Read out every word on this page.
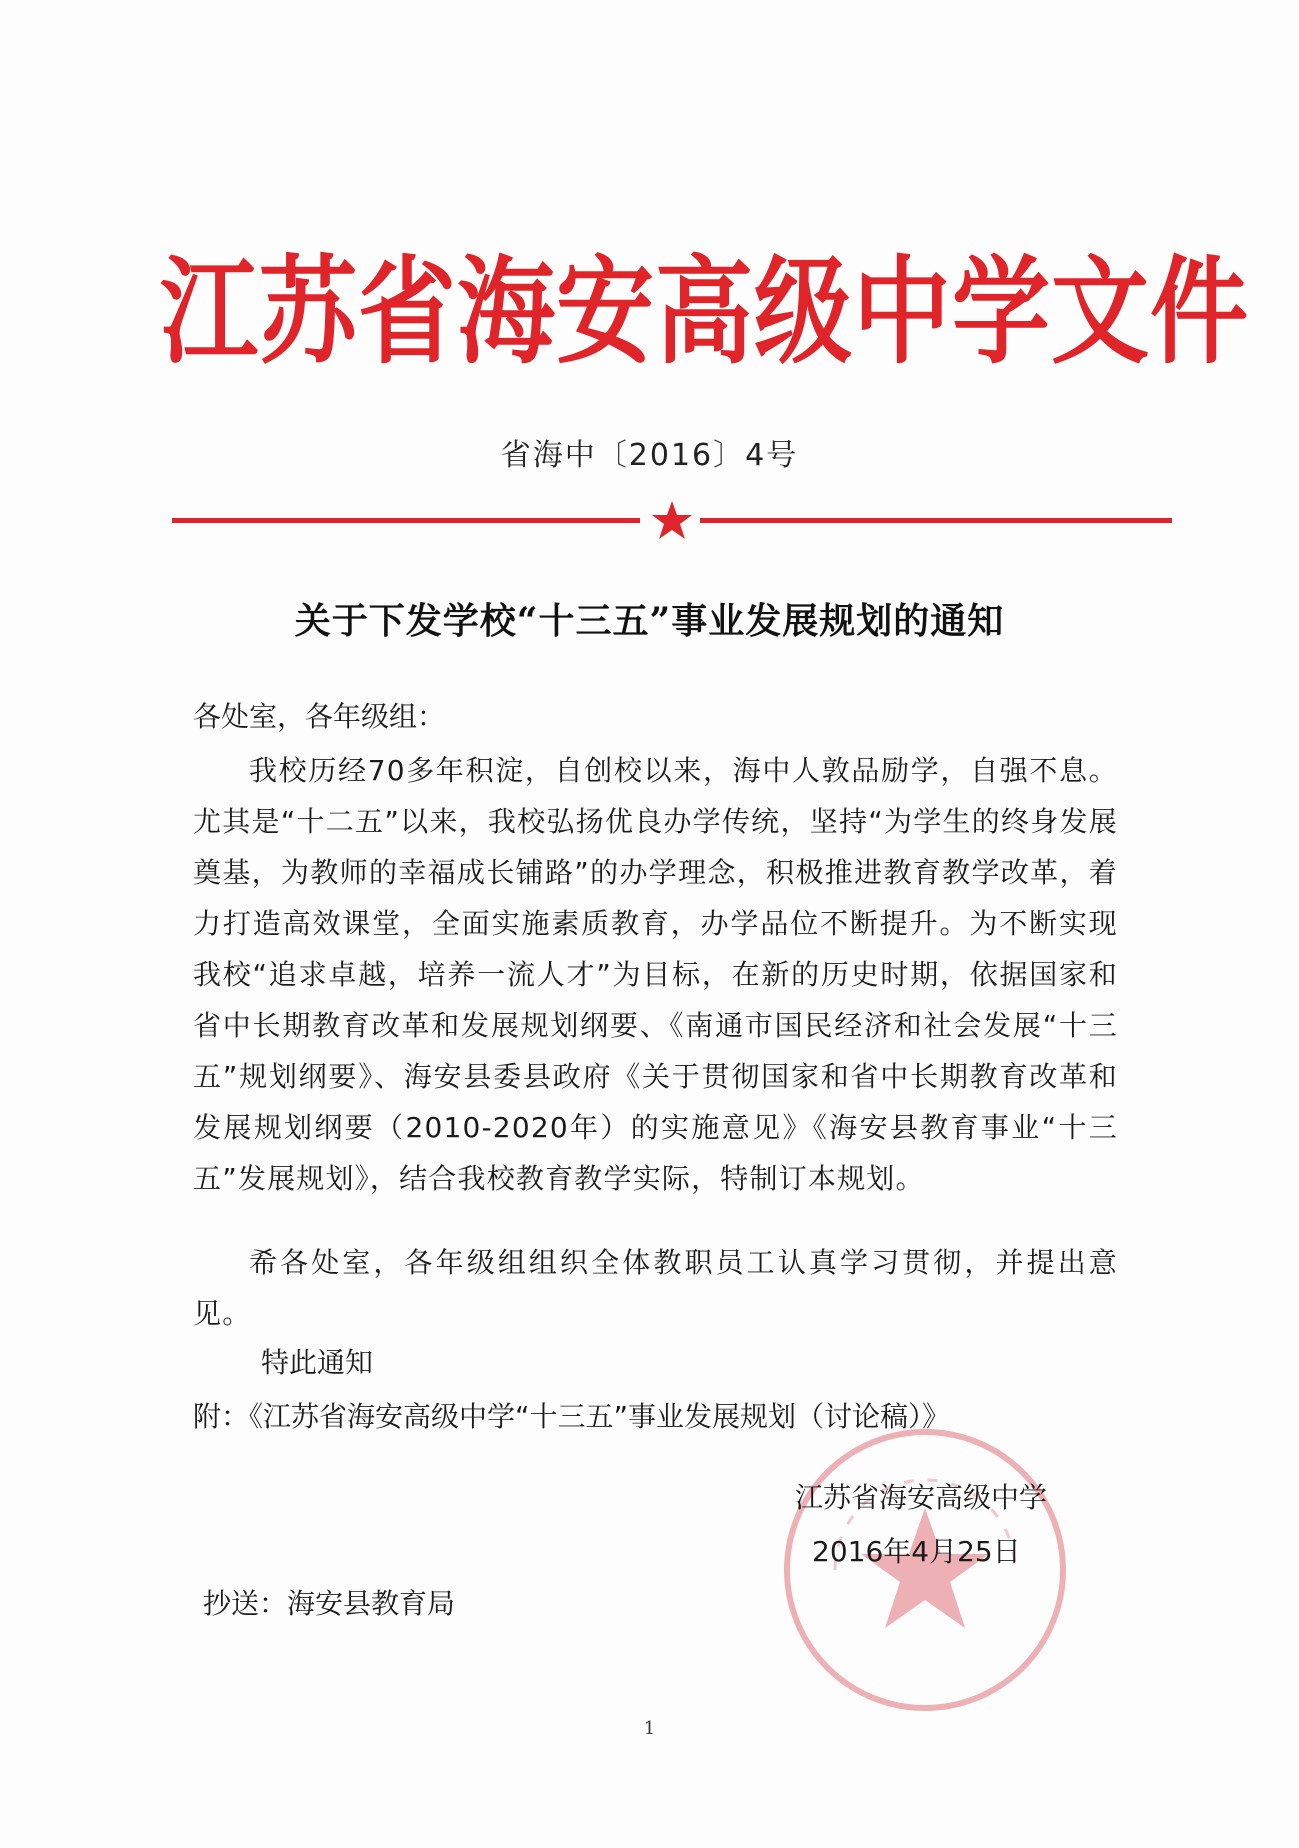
江苏省海安高级中学文件
省海中〔2016〕4号
关于下发学校“十三五”事业发展规划的通知
各处室，各年级组：
我校历经70多年积淀，自创校以来，海中人敦品励学，自强不息。尤其是“十二五”以来，我校弘扬优良办学传统，坚持“为学生的终身发展奠基，为教师的幸福成长铺路”的办学理念，积极推进教育教学改革，着力打造高效课堂，全面实施素质教育，办学品位不断提升。为不断实现我校“追求卓越，培养一流人才”为目标，在新的历史时期，依据国家和省中长期教育改革和发展规划纲要、《南通市国民经济和社会发展“十三五”规划纲要》、海安县委县政府《关于贯彻国家和省中长期教育改革和发展规划纲要（2010-2020年）的实施意见》《海安县教育事业“十三五”发展规划》，结合我校教育教学实际，特制订本规划。
希各处室，各年级组组织全体教职员工认真学习贯彻，并提出意见。
特此通知
附：《江苏省海安高级中学“十三五”事业发展规划（讨论稿）》
江苏省海安高级中学
2016年4月25日
抄送：海安县教育局
1
